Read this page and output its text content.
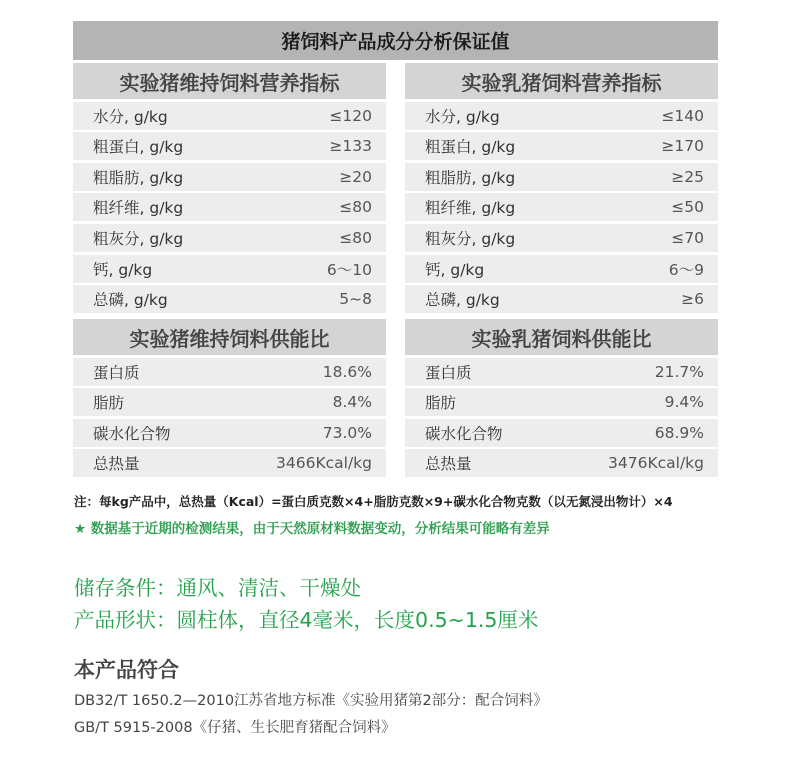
猪饲料产品成分分析保证值
实验猪维持饲料营养指标
水分, g/kg	≤120
粗蛋白, g/kg	≥133
粗脂肪, g/kg	≥20
粗纤维, g/kg	≤80
粗灰分, g/kg	≤80
钙, g/kg	6～10
总磷, g/kg	5~8
实验乳猪饲料营养指标
水分, g/kg	≤140
粗蛋白, g/kg	≥170
粗脂肪, g/kg	≥25
粗纤维, g/kg	≤50
粗灰分, g/kg	≤70
钙, g/kg	6～9
总磷, g/kg	≥6
实验猪维持饲料供能比
蛋白质	18.6%
脂肪	8.4%
碳水化合物	73.0%
总热量	3466Kcal/kg
实验乳猪饲料供能比
蛋白质	21.7%
脂肪	9.4%
碳水化合物	68.9%
总热量	3476Kcal/kg
注：每kg产品中，总热量（Kcal）=蛋白质克数×4+脂肪克数×9+碳水化合物克数（以无氮浸出物计）×4
★ 数据基于近期的检测结果，由于天然原材料数据变动，分析结果可能略有差异
储存条件：通风、清洁、干燥处
产品形状：圆柱体，直径4毫米，长度0.5~1.5厘米
本产品符合
DB32/T 1650.2—2010江苏省地方标准《实验用猪第2部分：配合饲料》
GB/T 5915-2008《仔猪、生长肥育猪配合饲料》
